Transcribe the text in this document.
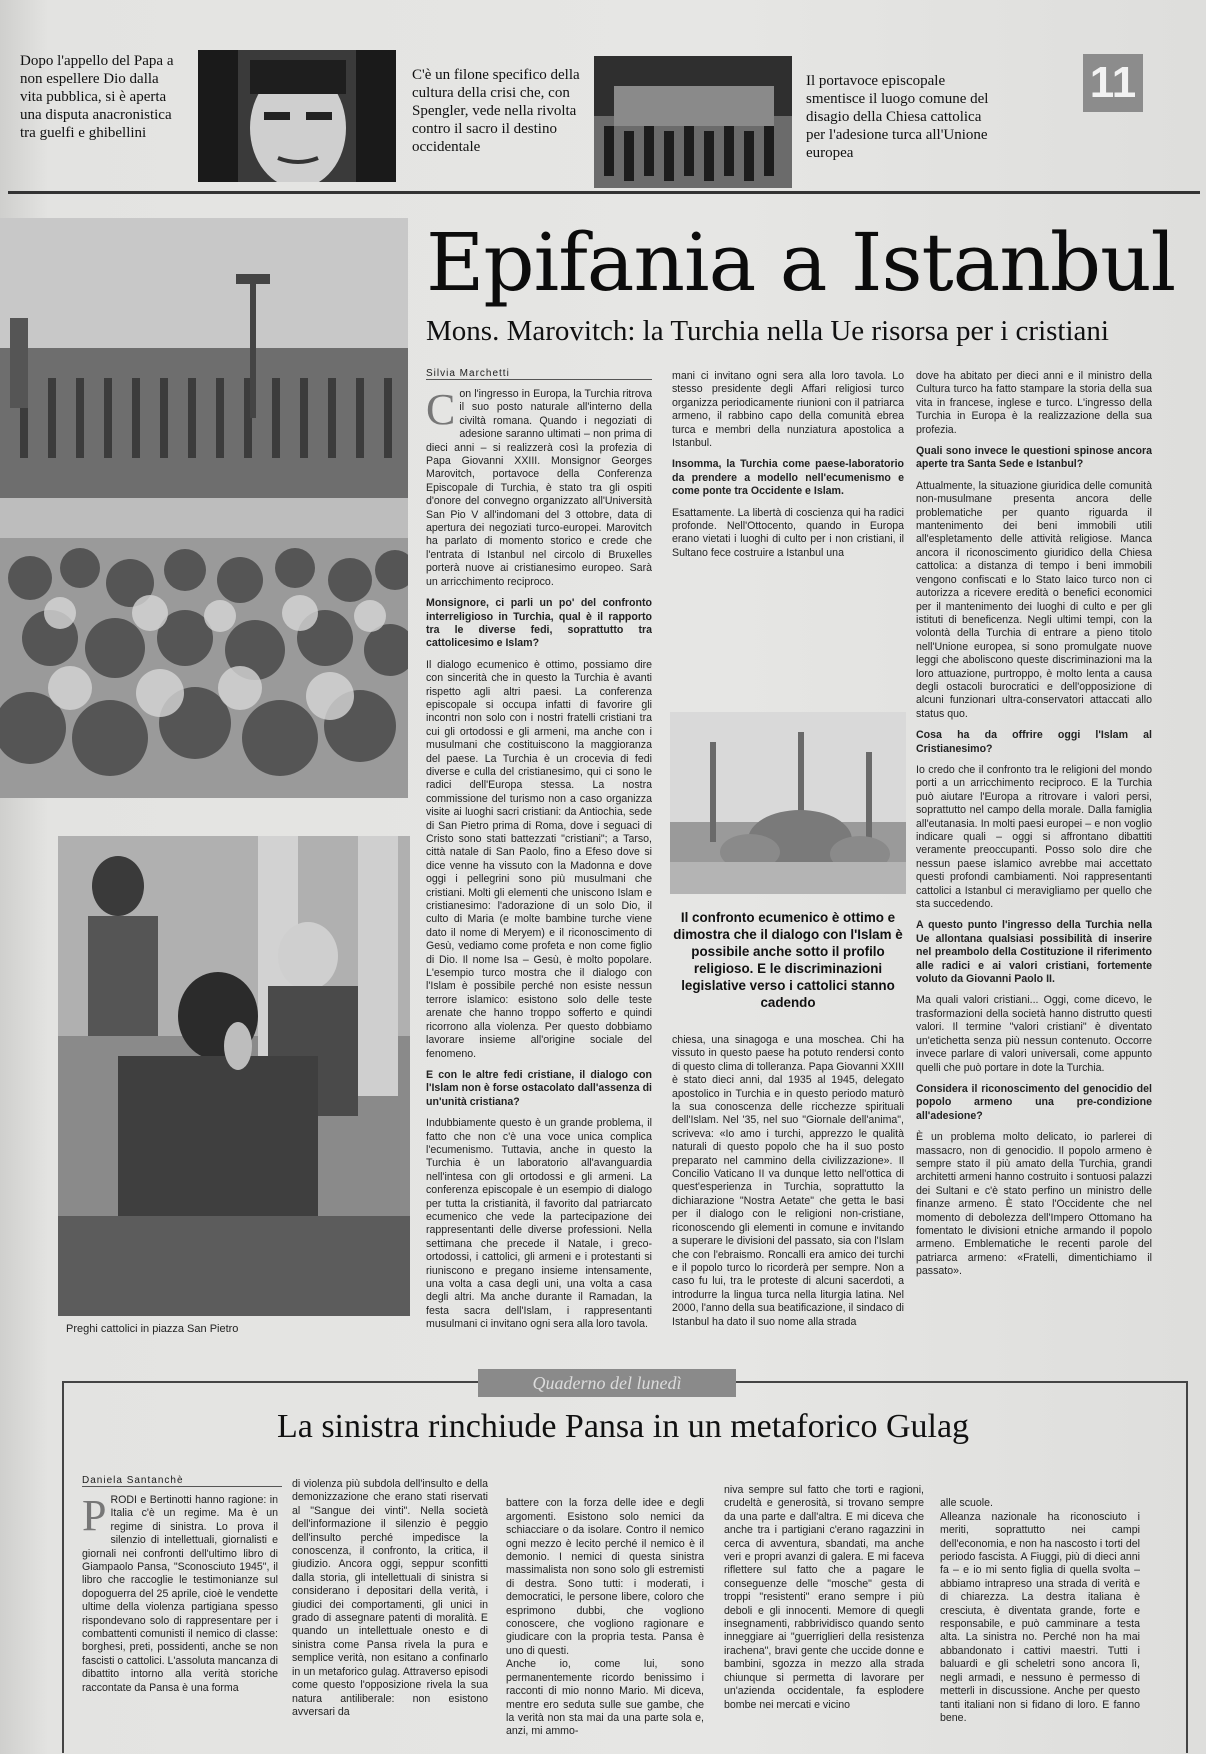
Dopo l'appello del Papa a non espellere Dio dalla vita pubblica, si è aperta una disputa anacronistica tra guelfi e ghibellini
C'è un filone specifico della cultura della crisi che, con Spengler, vede nella rivolta contro il sacro il destino occidentale
Il portavoce episcopale smentisce il luogo comune del disagio della Chiesa cattolica per l'adesione turca all'Unione europea
11
Epifania a Istanbul
Mons. Marovitch: la Turchia nella Ue risorsa per i cristiani
Preghi cattolici in piazza San Pietro
Silvia Marchetti

Con l'ingresso in Europa, la Turchia ritrova il suo posto naturale all'interno della civiltà romana. Quando i negoziati di adesione saranno ultimati – non prima di dieci anni – si realizzerà così la profezia di Papa Giovanni XXIII. Monsignor Georges Marovitch, portavoce della Conferenza Episcopale di Turchia, è stato tra gli ospiti d'onore del convegno organizzato all'Università San Pio V all'indomani del 3 ottobre, data di apertura dei negoziati turco-europei. Marovitch ha parlato di momento storico e crede che l'entrata di Istanbul nel circolo di Bruxelles porterà nuove ai cristianesimo europeo. Sarà un arricchimento reciproco.

Monsignore, ci parli un po' del confronto interreligioso in Turchia, qual è il rapporto tra le diverse fedi, soprattutto tra cattolicesimo e Islam?

Il dialogo ecumenico è ottimo, possiamo dire con sincerità che in questo la Turchia è avanti rispetto agli altri paesi. La conferenza episcopale si occupa infatti di favorire gli incontri non solo con i nostri fratelli cristiani tra cui gli ortodossi e gli armeni, ma anche con i musulmani che costituiscono la maggioranza del paese. La Turchia è un crocevia di fedi diverse e culla del cristianesimo, qui ci sono le radici dell'Europa stessa. La nostra commissione del turismo non a caso organizza visite ai luoghi sacri cristiani: da Antiochia, sede di San Pietro prima di Roma, dove i seguaci di Cristo sono stati battezzati "cristiani"; a Tarso, città natale di San Paolo, fino a Efeso dove si dice venne ha vissuto con la Madonna e dove oggi i pellegrini sono più musulmani che cristiani. Molti gli elementi che uniscono Islam e cristianesimo: l'adorazione di un solo Dio, il culto di Maria (e molte bambine turche viene dato il nome di Meryem) e il riconoscimento di Gesù, vediamo come profeta e non come figlio di Dio. Il nome Isa – Gesù, è molto popolare. L'esempio turco mostra che il dialogo con l'Islam è possibile perché non esiste nessun terrore islamico: esistono solo delle teste arenate che hanno troppo sofferto e quindi ricorrono alla violenza. Per questo dobbiamo lavorare insieme all'origine sociale del fenomeno.

E con le altre fedi cristiane, il dialogo con l'Islam non è forse ostacolato dall'assenza di un'unità cristiana?

Indubbiamente questo è un grande problema, il fatto che non c'è una voce unica complica l'ecumenismo. Tuttavia, anche in questo la Turchia è un laboratorio all'avanguardia nell'intesa con gli ortodossi e gli armeni. La conferenza episcopale è un esempio di dialogo per tutta la cristianità, il favorito dal patriarcato ecumenico che vede la partecipazione dei rappresentanti delle diverse professioni. Nella settimana che precede il Natale, i greco-ortodossi, i cattolici, gli armeni e i protestanti si riuniscono e pregano insieme intensamente, una volta a casa degli uni, una volta a casa degli altri. Ma anche durante il Ramadan, la festa sacra dell'Islam, i rappresentanti musulmani ci invitano ogni sera alla loro tavola.

mani ci invitano ogni sera alla loro tavola. Lo stesso presidente degli Affari religiosi turco organizza periodicamente riunioni con il patriarca armeno, il rabbino capo della comunità ebrea turca e membri della nunziatura apostolica a Istanbul.

Insomma, la Turchia come paese-laboratorio da prendere a modello nell'ecumenismo e come ponte tra Occidente e Islam.

Esattamente. La libertà di coscienza qui ha radici profonde. Nell'Ottocento, quando in Europa erano vietati i luoghi di culto per i non cristiani, il Sultano fece costruire a Istanbul una

Il confronto ecumenico è ottimo e dimostra che il dialogo con l'Islam è possibile anche sotto il profilo religioso. E le discriminazioni legislative verso i cattolici stanno cadendo

chiesa, una sinagoga e una moschea. Chi ha vissuto in questo paese ha potuto rendersi conto di questo clima di tolleranza. Papa Giovanni XXIII è stato dieci anni, dal 1935 al 1945, delegato apostolico in Turchia e in questo periodo maturò la sua conoscenza delle ricchezze spirituali dell'Islam. Nel '35, nel suo "Giornale dell'anima", scriveva: «Io amo i turchi, apprezzo le qualità naturali di questo popolo che ha il suo posto preparato nel cammino della civilizzazione». Il Concilio Vaticano II va dunque letto nell'ottica di quest'esperienza in Turchia, soprattutto la dichiarazione "Nostra Aetate" che getta le basi per il dialogo con le religioni non-cristiane, riconoscendo gli elementi in comune e invitando a superare le divisioni del passato, sia con l'Islam che con l'ebraismo. Roncalli era amico dei turchi e il popolo turco lo ricorderà per sempre. Non a caso fu lui, tra le proteste di alcuni sacerdoti, a introdurre la lingua turca nella liturgia latina. Nel 2000, l'anno della sua beatificazione, il sindaco di Istanbul ha dato il suo nome alla strada

dove ha abitato per dieci anni e il ministro della Cultura turco ha fatto stampare la storia della sua vita in francese, inglese e turco. L'ingresso della Turchia in Europa è la realizzazione della sua profezia.

Quali sono invece le questioni spinose ancora aperte tra Santa Sede e Istanbul?

Attualmente, la situazione giuridica delle comunità non-musulmane presenta ancora delle problematiche per quanto riguarda il mantenimento dei beni immobili utili all'espletamento delle attività religiose. Manca ancora il riconoscimento giuridico della Chiesa cattolica: a distanza di tempo i beni immobili vengono confiscati e lo Stato laico turco non ci autorizza a ricevere eredità o benefici economici per il mantenimento dei luoghi di culto e per gli istituti di beneficenza. Negli ultimi tempi, con la volontà della Turchia di entrare a pieno titolo nell'Unione europea, si sono promulgate nuove leggi che aboliscono queste discriminazioni ma la loro attuazione, purtroppo, è molto lenta a causa degli ostacoli burocratici e dell'opposizione di alcuni funzionari ultra-conservatori attaccati allo status quo.

Cosa ha da offrire oggi l'Islam al Cristianesimo?

Io credo che il confronto tra le religioni del mondo porti a un arricchimento reciproco. E la Turchia può aiutare l'Europa a ritrovare i valori persi, soprattutto nel campo della morale. Dalla famiglia all'eutanasia. In molti paesi europei – e non voglio indicare quali – oggi si affrontano dibattiti veramente preoccupanti. Posso solo dire che nessun paese islamico avrebbe mai accettato questi profondi cambiamenti. Noi rappresentanti cattolici a Istanbul ci meravigliamo per quello che sta succedendo.

A questo punto l'ingresso della Turchia nella Ue allontana qualsiasi possibilità di inserire nel preambolo della Costituzione il riferimento alle radici e ai valori cristiani, fortemente voluto da Giovanni Paolo II.

Ma quali valori cristiani... Oggi, come dicevo, le trasformazioni della società hanno distrutto questi valori. Il termine "valori cristiani" è diventato un'etichetta senza più nessun contenuto. Occorre invece parlare di valori universali, come appunto quelli che può portare in dote la Turchia.

Considera il riconoscimento del genocidio del popolo armeno una pre-condizione all'adesione?

È un problema molto delicato, io parlerei di massacro, non di genocidio. Il popolo armeno è sempre stato il più amato della Turchia, grandi architetti armeni hanno costruito i sontuosi palazzi dei Sultani e c'è stato perfino un ministro delle finanze armeno. È stato l'Occidente che nel momento di debolezza dell'Impero Ottomano ha fomentato le divisioni etniche armando il popolo armeno. Emblematiche le recenti parole del patriarca armeno: «Fratelli, dimentichiamo il passato».

Quaderno del lunedì
La sinistra rinchiude Pansa in un metaforico Gulag
Daniela Santanchè

PRODI e Bertinotti hanno ragione: in Italia c'è un regime. Ma è un regime di sinistra. Lo prova il silenzio di intellettuali, giornalisti e giornali nei confronti dell'ultimo libro di Giampaolo Pansa, "Sconosciuto 1945", il libro che raccoglie le testimonianze sul dopoguerra del 25 aprile, cioè le vendette ultime della violenza partigiana spesso rispondevano solo di rappresentare per i combattenti comunisti il nemico di classe: borghesi, preti, possidenti, anche se non fascisti o cattolici. L'assoluta mancanza di dibattito intorno alla verità storiche raccontate da Pansa è una forma

di violenza più subdola dell'insulto e della demonizzazione che erano stati riservati al "Sangue dei vinti". Nella società dell'informazione il silenzio è peggio dell'insulto perché impedisce la conoscenza, il confronto, la critica, il giudizio. Ancora oggi, seppur sconfitti dalla storia, gli intellettuali di sinistra si considerano i depositari della verità, i giudici dei comportamenti, gli unici in grado di assegnare patenti di moralità. E quando un intellettuale onesto e di sinistra come Pansa rivela la pura e semplice verità, non esitano a confinarlo in un metaforico gulag. Attraverso episodi come questo l'opposizione rivela la sua natura antiliberale: non esistono avversari da

battere con la forza delle idee e degli argomenti. Esistono solo nemici da schiacciare o da isolare. Contro il nemico ogni mezzo è lecito perché il nemico è il demonio. I nemici di questa sinistra massimalista non sono solo gli estremisti di destra. Sono tutti: i moderati, i democratici, le persone libere, coloro che esprimono dubbi, che vogliono conoscere, che vogliono ragionare e giudicare con la propria testa. Pansa è uno di questi.
Anche io, come lui, sono permanentemente ricordo benissimo i racconti di mio nonno Mario. Mi diceva, mentre ero seduta sulle sue gambe, che la verità non sta mai da una parte sola e, anzi, mi ammo-

niva sempre sul fatto che torti e ragioni, crudeltà e generosità, si trovano sempre da una parte e dall'altra. E mi diceva che anche tra i partigiani c'erano ragazzini in cerca di avventura, sbandati, ma anche veri e propri avanzi di galera. E mi faceva riflettere sul fatto che a pagare le conseguenze delle "mosche" gesta di troppi "resistenti" erano sempre i più deboli e gli innocenti. Memore di quegli insegnamenti, rabbrividisco quando sento inneggiare ai "guerriglieri della resistenza irachena", bravi gente che uccide donne e bambini, sgozza in mezzo alla strada chiunque si permetta di lavorare per un'azienda occidentale, fa esplodere bombe nei mercati e vicino

alle scuole.
Alleanza nazionale ha riconosciuto i meriti, soprattutto nei campi dell'economia, e non ha nascosto i torti del periodo fascista. A Fiuggi, più di dieci anni fa – e io mi sento figlia di quella svolta – abbiamo intrapreso una strada di verità e di chiarezza. La destra italiana è cresciuta, è diventata grande, forte e responsabile, e può camminare a testa alta. La sinistra no. Perché non ha mai abbandonato i cattivi maestri. Tutti i baluardi e gli scheletri sono ancora lì, negli armadi, e nessuno è permesso di metterli in discussione. Anche per questo tanti italiani non si fidano di loro. E fanno bene.
